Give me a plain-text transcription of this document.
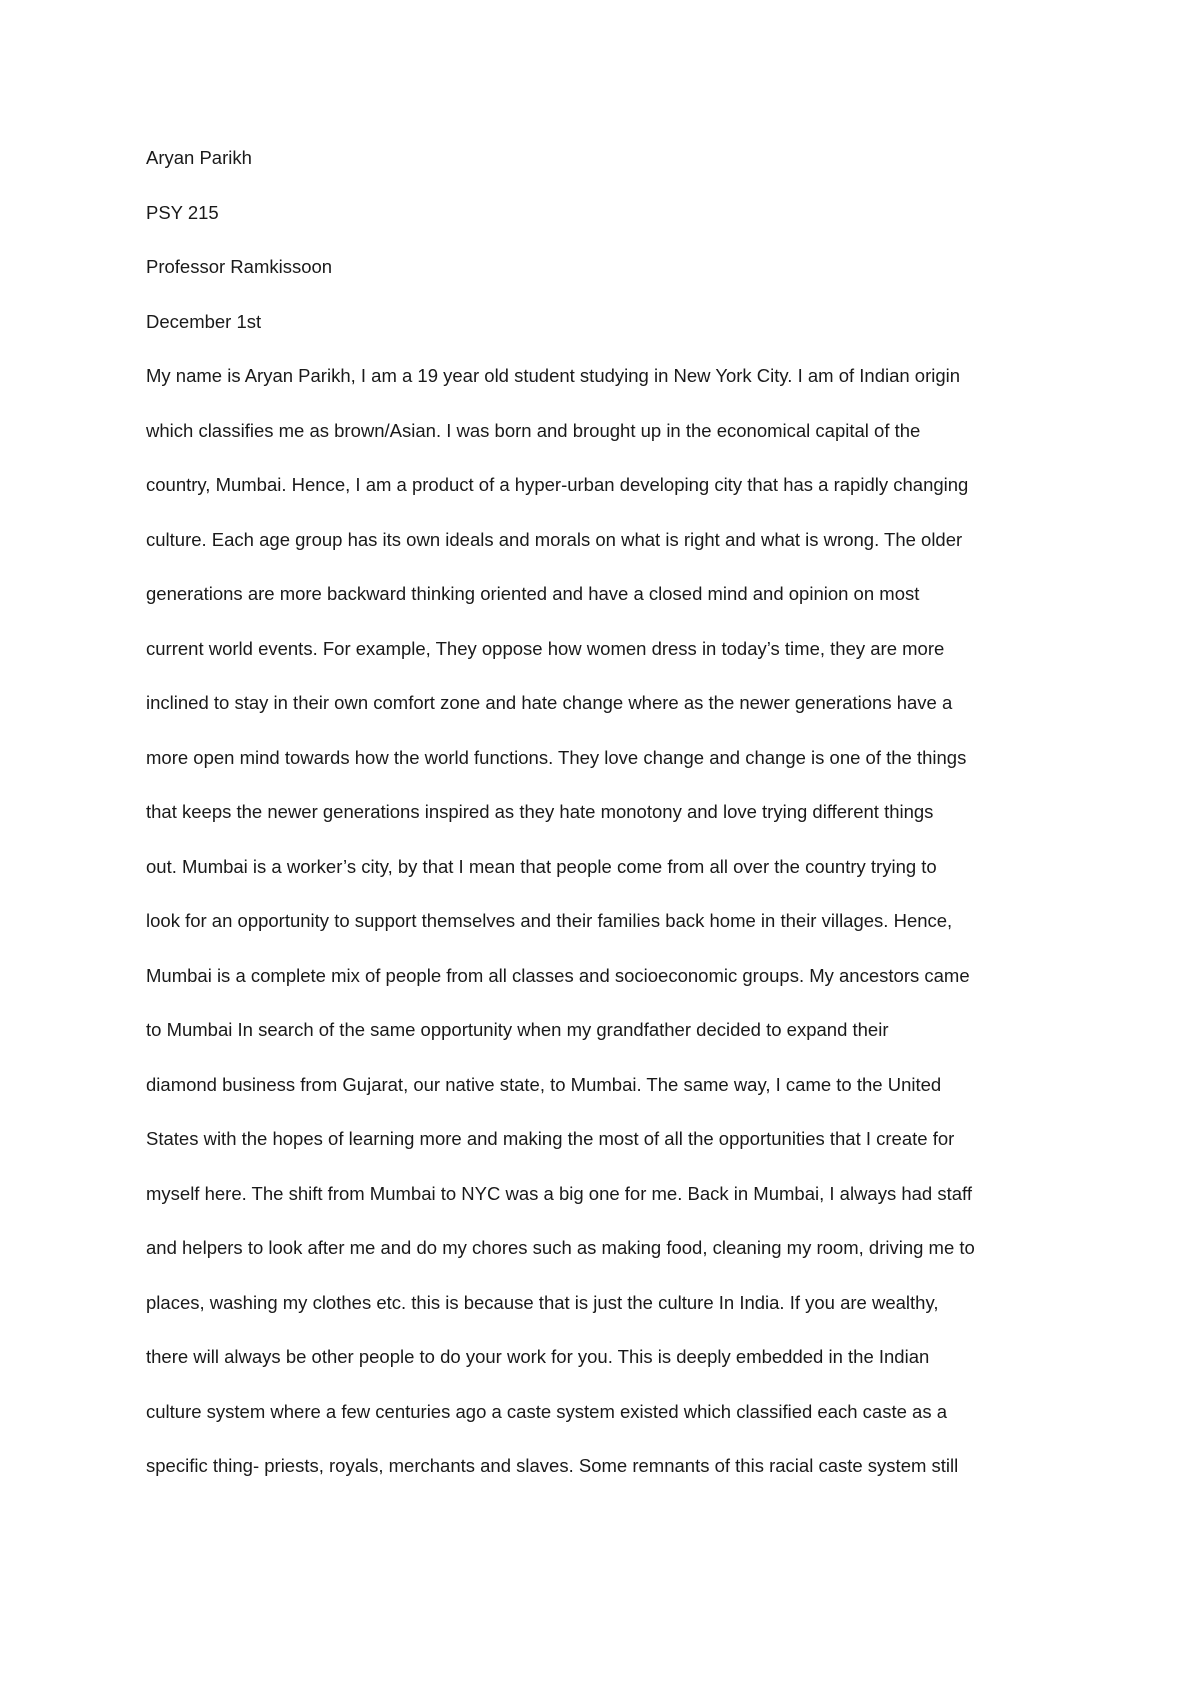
Aryan Parikh
PSY 215
Professor Ramkissoon
December 1st
My name is Aryan Parikh, I am a 19 year old student studying in New York City. I am of Indian origin
which classifies me as brown/Asian. I was born and brought up in the economical capital of the
country, Mumbai. Hence, I am a product of a hyper-urban developing city that has a rapidly changing
culture. Each age group has its own ideals and morals on what is right and what is wrong. The older
generations are more backward thinking oriented and have a closed mind and opinion on most
current world events. For example, They oppose how women dress in today’s time, they are more
inclined to stay in their own comfort zone and hate change where as the newer generations have a
more open mind towards how the world functions. They love change and change is one of the things
that keeps the newer generations inspired as they hate monotony and love trying different things
out. Mumbai is a worker’s city, by that I mean that people come from all over the country trying to
look for an opportunity to support themselves and their families back home in their villages. Hence,
Mumbai is a complete mix of people from all classes and socioeconomic groups. My ancestors came
to Mumbai In search of the same opportunity when my grandfather decided to expand their
diamond business from Gujarat, our native state, to Mumbai. The same way, I came to the United
States with the hopes of learning more and making the most of all the opportunities that I create for
myself here. The shift from Mumbai to NYC was a big one for me. Back in Mumbai, I always had staff
and helpers to look after me and do my chores such as making food, cleaning my room, driving me to
places, washing my clothes etc. this is because that is just the culture In India. If you are wealthy,
there will always be other people to do your work for you. This is deeply embedded in the Indian
culture system where a few centuries ago a caste system existed which classified each caste as a
specific thing- priests, royals, merchants and slaves. Some remnants of this racial caste system still
